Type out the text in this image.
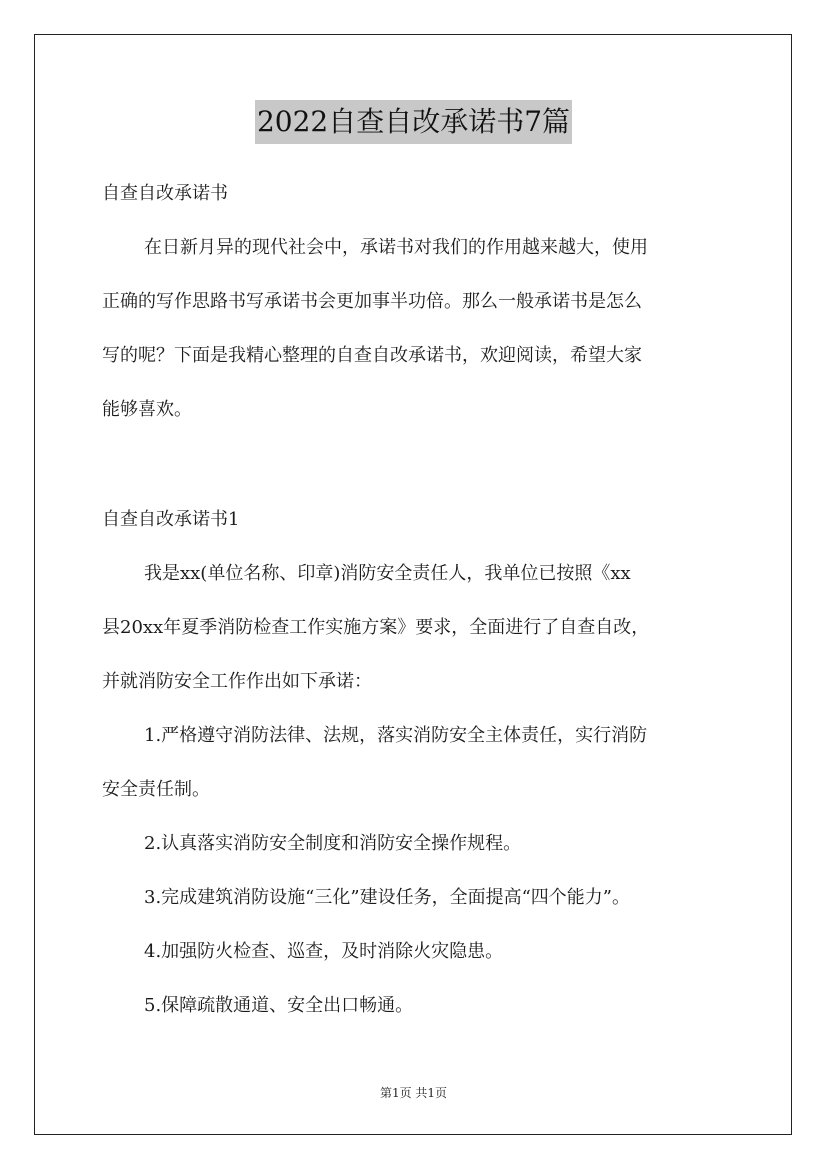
2022自查自改承诺书7篇
自查自改承诺书
在日新月异的现代社会中，承诺书对我们的作用越来越大，使用
正确的写作思路书写承诺书会更加事半功倍。那么一般承诺书是怎么
写的呢？下面是我精心整理的自查自改承诺书，欢迎阅读，希望大家
能够喜欢。
自查自改承诺书1
我是xx(单位名称、印章)消防安全责任人，我单位已按照《xx
县20xx年夏季消防检查工作实施方案》要求，全面进行了自查自改，
并就消防安全工作作出如下承诺：
1.严格遵守消防法律、法规，落实消防安全主体责任，实行消防
安全责任制。
2.认真落实消防安全制度和消防安全操作规程。
3.完成建筑消防设施“三化”建设任务，全面提高“四个能力”。
4.加强防火检查、巡查，及时消除火灾隐患。
5.保障疏散通道、安全出口畅通。
第1页 共1页
